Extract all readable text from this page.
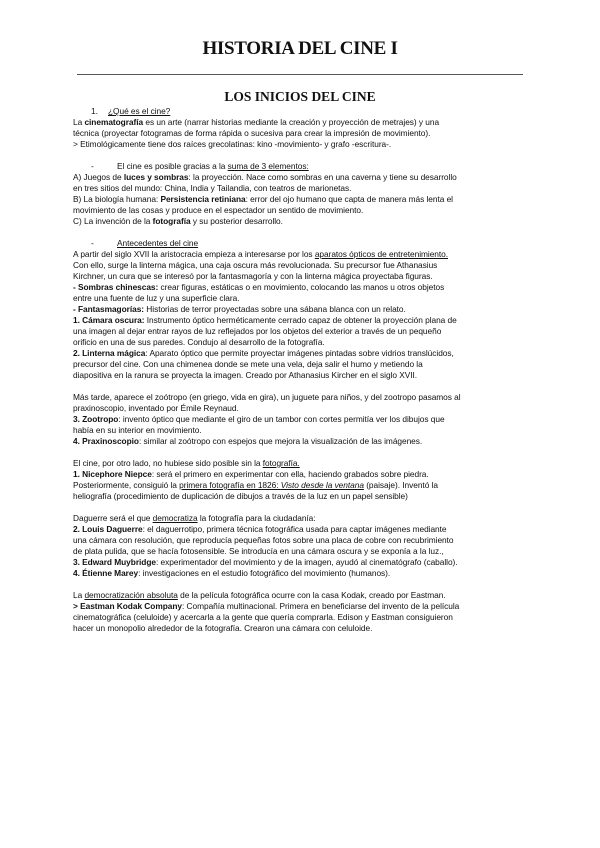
HISTORIA DEL CINE I
LOS INICIOS DEL CINE

1. ¿Qué es el cine?

La cinematografía es un arte (narrar historias mediante la creación y proyección de metrajes) y una

técnica (proyectar fotogramas de forma rápida o sucesiva para crear la impresión de movimiento).

> Etimológicamente tiene dos raíces grecolatinas: kino -movimiento- y grafo -escritura-.

-	El cine es posible gracias a la suma de 3 elementos:

A) Juegos de luces y sombras: la proyección. Nace como sombras en una caverna y tiene su desarrollo

en tres sitios del mundo: China, India y Tailandia, con teatros de marionetas.

B) La biología humana: Persistencia retiniana: error del ojo humano que capta de manera más lenta el

movimiento de las cosas y produce en el espectador un sentido de movimiento.

C) La invención de la fotografía y su posterior desarrollo.

-	Antecedentes del cine

A partir del siglo XVII la aristocracia empieza a interesarse por los aparatos ópticos de entretenimiento.

Con ello, surge la linterna mágica, una caja oscura más revolucionada. Su precursor fue Athanasius

Kirchner, un cura que se interesó por la fantasmagoría y con la linterna mágica proyectaba figuras.

- Sombras chinescas: crear figuras, estáticas o en movimiento, colocando las manos u otros objetos

entre una fuente de luz y una superficie clara.

- Fantasmagorías: Historias de terror proyectadas sobre una sábana blanca con un relato.

1. Cámara oscura: Instrumento óptico herméticamente cerrado capaz de obtener la proyección plana de

una imagen al dejar entrar rayos de luz reflejados por los objetos del exterior a través de un pequeño

orificio en una de sus paredes. Condujo al desarrollo de la fotografía.

2. Linterna mágica: Aparato óptico que permite proyectar imágenes pintadas sobre vidrios translúcidos,

precursor del cine. Con una chimenea donde se mete una vela, deja salir el humo y metiendo la

diapositiva en la ranura se proyecta la imagen. Creado por Athanasius Kircher en el siglo XVII.

Más tarde, aparece el zoótropo (en griego, vida en gira), un juguete para niños, y del zootropo pasamos al

praxinoscopio, inventado por Émile Reynaud.

3. Zootropo: invento óptico que mediante el giro de un tambor con cortes permitía ver los dibujos que

había en su interior en movimiento.

4. Praxinoscopio: similar al zoótropo con espejos que mejora la visualización de las imágenes.

El cine, por otro lado, no hubiese sido posible sin la fotografía.

1. Nicephore Niepce: será el primero en experimentar con ella, haciendo grabados sobre piedra.

Posteriormente, consiguió la primera fotografía en 1826: Visto desde la ventana (paisaje). Inventó la

heliografía (procedimiento de duplicación de dibujos a través de la luz en un papel sensible)

Daguerre será el que democratiza la fotografía para la ciudadanía:

2. Louis Daguerre: el daguerrotipo, primera técnica fotográfica usada para captar imágenes mediante

una cámara con resolución, que reproducía pequeñas fotos sobre una placa de cobre con recubrimiento

de plata pulida, que se hacía fotosensible. Se introducía en una cámara oscura y se exponía a la luz.,

3. Edward Muybridge: experimentador del movimiento y de la imagen, ayudó al cinematógrafo (caballo).

4. Étienne Marey: investigaciones en el estudio fotográfico del movimiento (humanos).

La democratización absoluta de la película fotográfica ocurre con la casa Kodak, creado por Eastman.

> Eastman Kodak Company: Compañía multinacional. Primera en beneficiarse del invento de la película

cinematográfica (celuloide) y acercarla a la gente que quería comprarla. Edison y Eastman consiguieron

hacer un monopolio alrededor de la fotografía. Crearon una cámara con celuloide.
